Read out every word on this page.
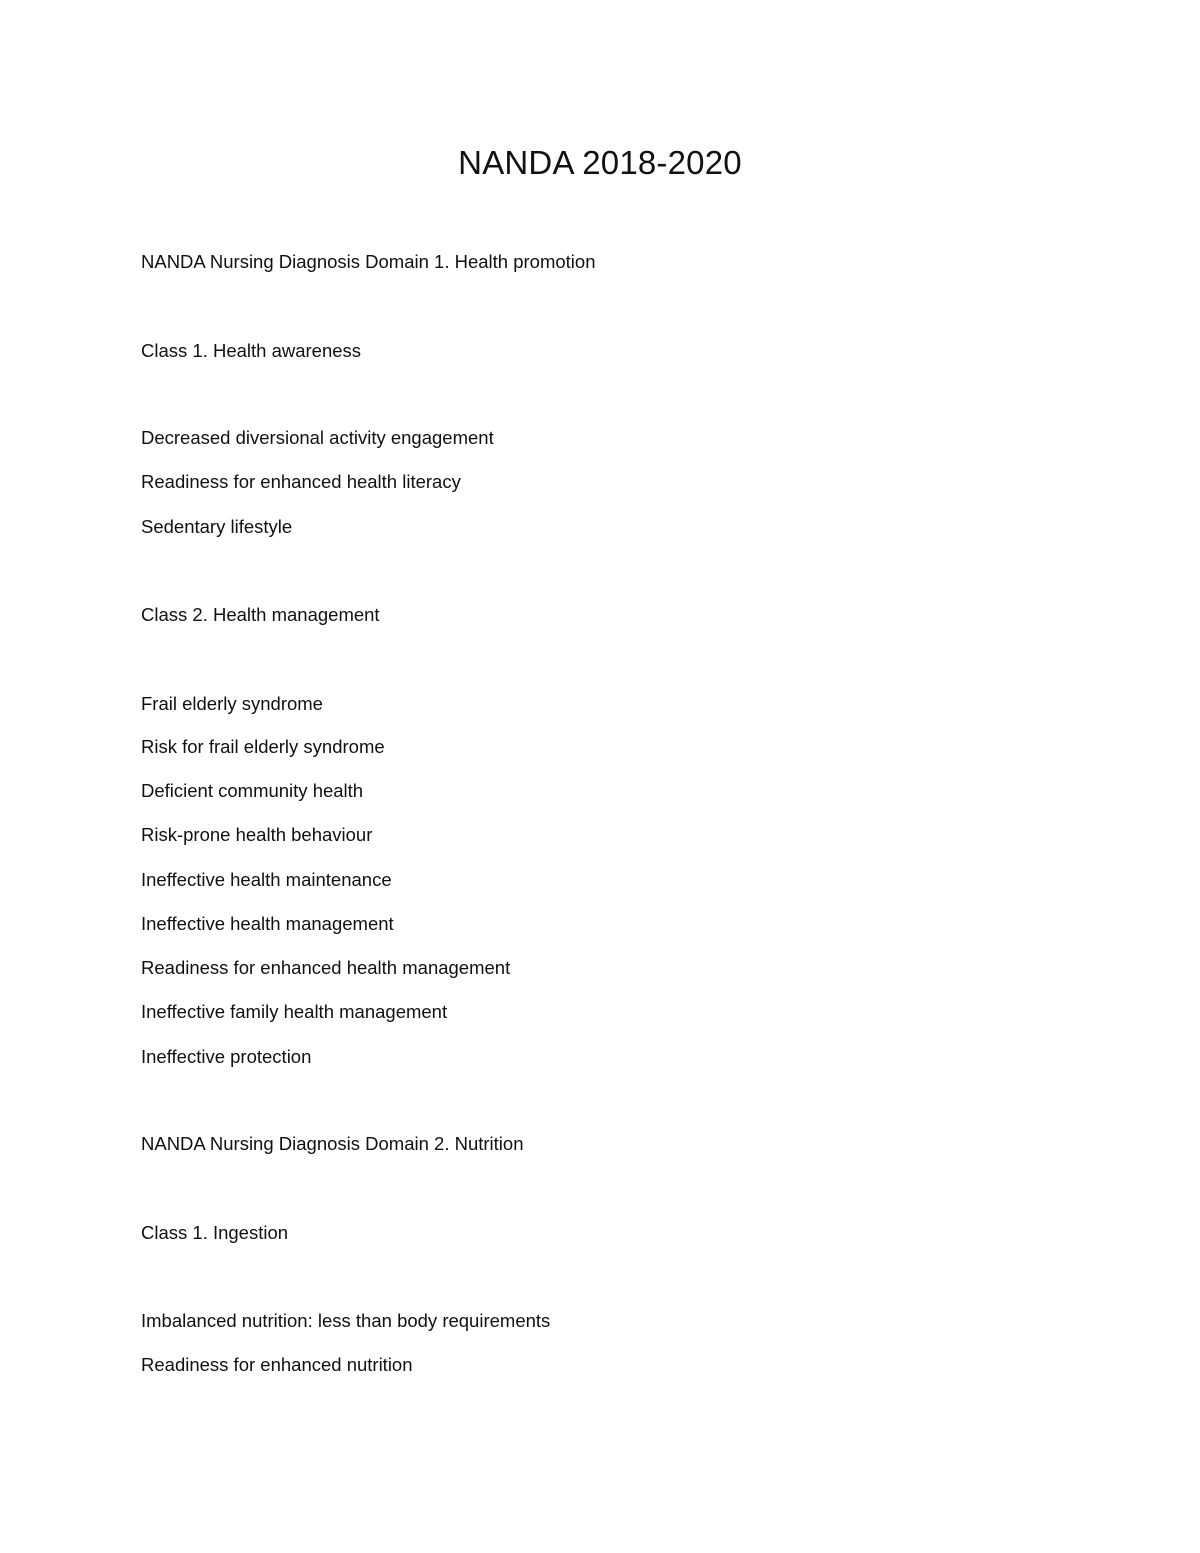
NANDA 2018-2020
NANDA Nursing Diagnosis Domain 1. Health promotion
Class 1. Health awareness
Decreased diversional activity engagement
Readiness for enhanced health literacy
Sedentary lifestyle
Class 2. Health management
Frail elderly syndrome
Risk for frail elderly syndrome
Deficient community health
Risk-prone health behaviour
Ineffective health maintenance
Ineffective health management
Readiness for enhanced health management
Ineffective family health management
Ineffective protection
NANDA Nursing Diagnosis Domain 2. Nutrition
Class 1. Ingestion
Imbalanced nutrition: less than body requirements
Readiness for enhanced nutrition
